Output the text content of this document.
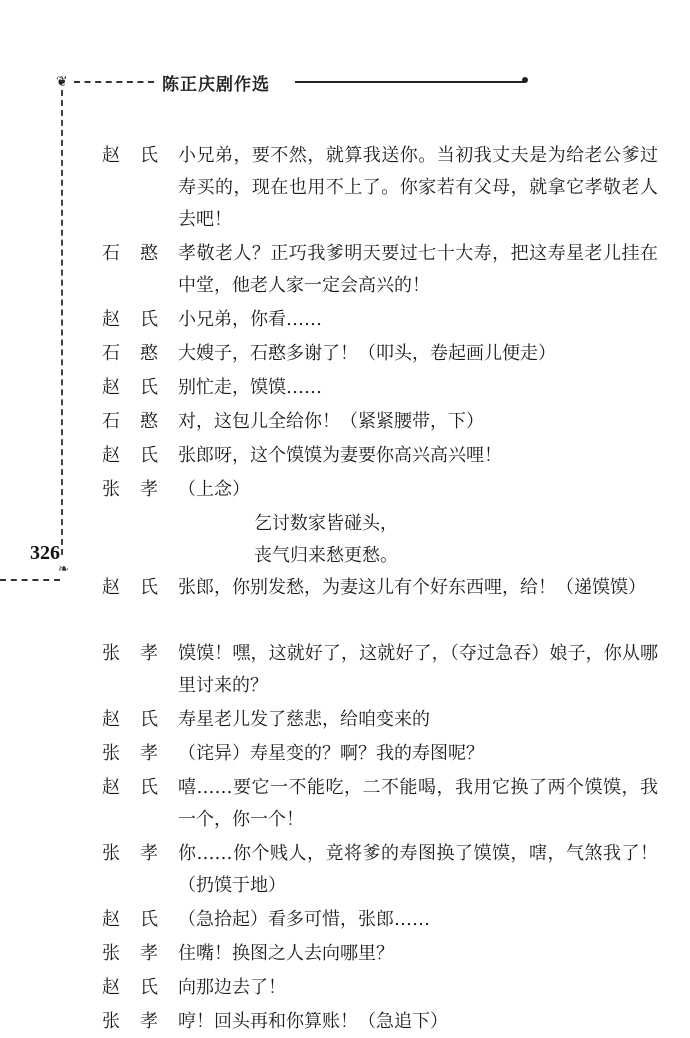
❦	陈正庆剧作选
326
❧
赵氏 小兄弟，要不然，就算我送你。当初我丈夫是为给老公爹过寿买的，现在也用不上了。你家若有父母，就拿它孝敬老人去吧！
石憨 孝敬老人？正巧我爹明天要过七十大寿，把这寿星老儿挂在中堂，他老人家一定会高兴的！
赵氏 小兄弟，你看……
石憨 大嫂子，石憨多谢了！（叩头，卷起画儿便走）
赵氏 别忙走，馍馍……
石憨 对，这包儿全给你！（紧紧腰带，下）
赵氏 张郎呀，这个馍馍为妻要你高兴高兴哩！
张孝 （上念）
乞讨数家皆碰头，
丧气归来愁更愁。
赵氏 张郎，你别发愁，为妻这儿有个好东西哩，给！（递馍馍）
张孝 馍馍！嘿，这就好了，这就好了，（夺过急吞）娘子，你从哪里讨来的？
赵氏 寿星老儿发了慈悲，给咱变来的
张孝 （诧异）寿星变的？啊？我的寿图呢？
赵氏 嘻……要它一不能吃，二不能喝，我用它换了两个馍馍，我一个，你一个！
张孝 你……你个贱人，竟将爹的寿图换了馍馍，嗐，气煞我了！（扔馍于地）
赵氏 （急拾起）看多可惜，张郎……
张孝 住嘴！换图之人去向哪里？
赵氏 向那边去了！
张孝 哼！回头再和你算账！（急追下）
